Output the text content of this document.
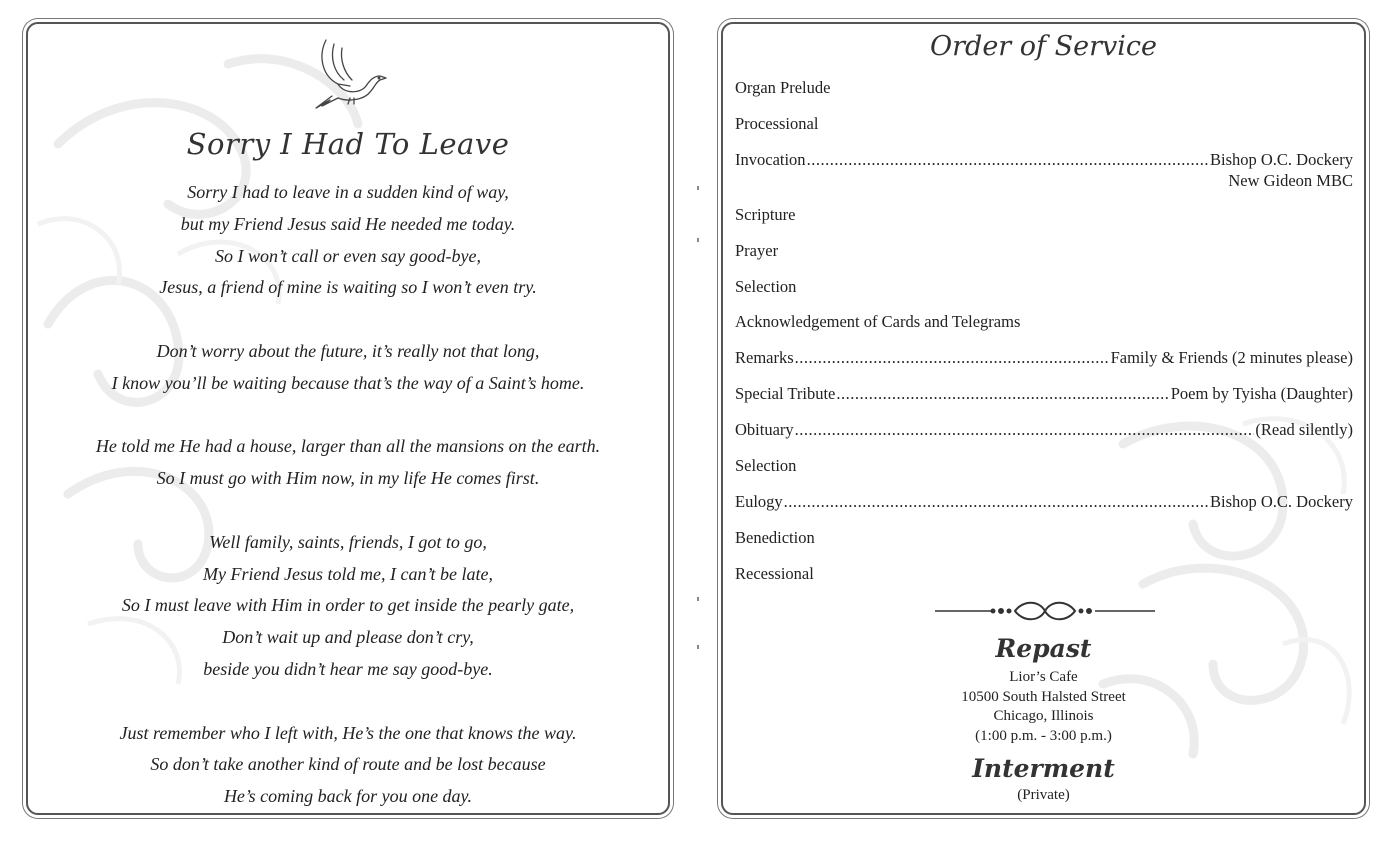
Sorry I Had To Leave
Sorry I had to leave in a sudden kind of way,
but my Friend Jesus said He needed me today.
So I won’t call or even say good-bye,
Jesus, a friend of mine is waiting so I won’t even try.
Don’t worry about the future, it’s really not that long,
I know you’ll be waiting because that’s the way of a Saint’s home.
He told me He had a house, larger than all the mansions on the earth.
So I must go with Him now, in my life He comes first.
Well family, saints, friends, I got to go,
My Friend Jesus told me, I can’t be late,
So I must leave with Him in order to get inside the pearly gate,
Don’t wait up and please don’t cry,
beside you didn’t hear me say good-bye.
Just remember who I left with, He’s the one that knows the way.
So don’t take another kind of route and be lost because
He’s coming back for you one day.
Order of Service
Organ Prelude
Processional
Invocation .....	Bishop O.C. Dockery
New Gideon MBC
Scripture
Prayer
Selection
Acknowledgement of Cards and Telegrams
Remarks .....	Family & Friends (2 minutes please)
Special Tribute .....	Poem by Tyisha (Daughter)
Obituary .....	(Read silently)
Selection
Eulogy .....	Bishop O.C. Dockery
Benediction
Recessional
Repast
Lior’s Cafe
10500 South Halsted Street
Chicago, Illinois
(1:00 p.m. - 3:00 p.m.)
Interment
(Private)
